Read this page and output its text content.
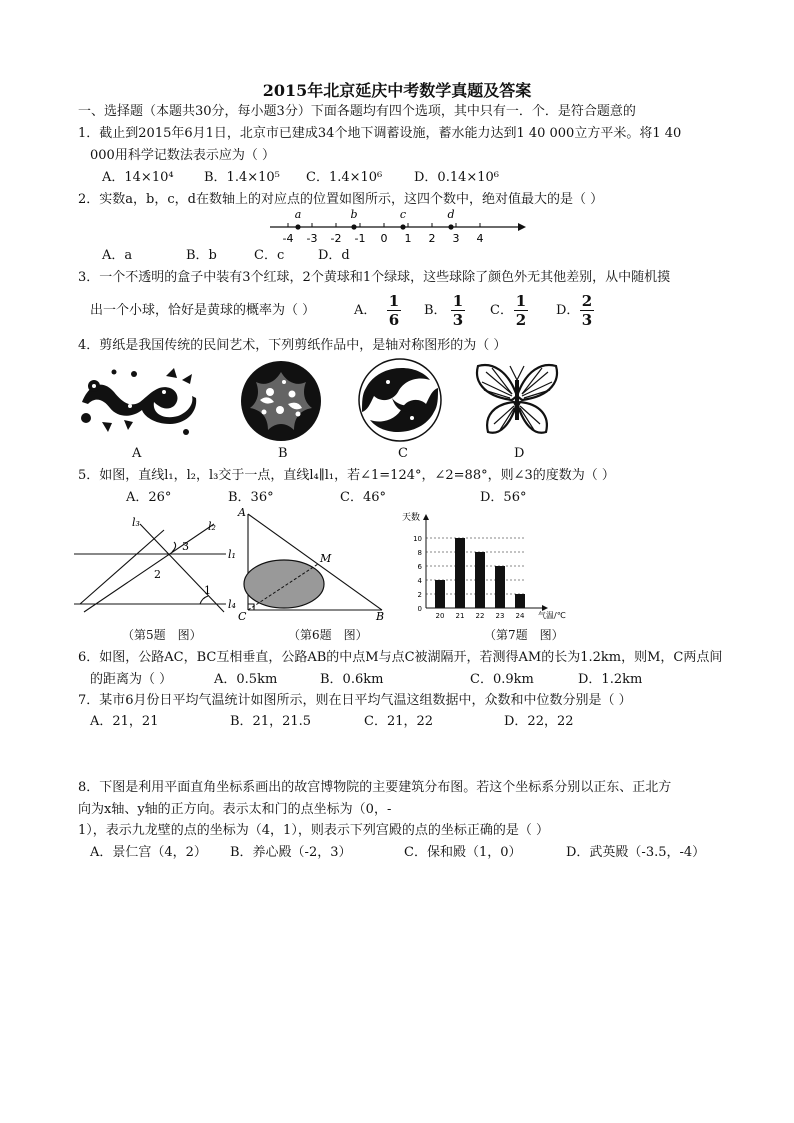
2015年北京延庆中考数学真题及答案
一、选择题（本题共30分，每小题3分）下面各题均有四个选项，其中只有一．个．是符合题意的
1．截止到2015年6月1日，北京市已建成34个地下调蓄设施，蓄水能力达到1 40 000立方平米。将1 40
000用科学记数法表示应为（ ）
A．14×10⁴ B．1.4×10⁵ C．1.4×10⁶ D．0.14×10⁶
2．实数a，b，c，d在数轴上的对应点的位置如图所示，这四个数中，绝对值最大的是（ ）
a	b	c	d
-4 -3 -2 -1 0 1 2 3 4
A．a	B．b	C．c	D．d
3．一个不透明的盒子中装有3个红球，2个黄球和1个绿球，这些球除了颜色外无其他差别，从中随机摸
出一个小球，恰好是黄球的概率为（ ）	A．
1
6
B．
1
3
C．
1
2
D．
2
3
4．剪纸是我国传统的民间艺术，下列剪纸作品中，是轴对称图形的为（ ）
A	B	C	D
5．如图，直线l₁，l₂，l₃交于一点，直线l₄∥l₁，若∠1=124°，∠2=88°，则∠3的度数为（ ）
A．26°	B．36°	C．46°	D．56°
l₃	l₂
l₁
l₄
1
2
3
（第5题　图）
A
C	B
M
（第6题　图）
天数
气温/℃
2
4
6
8
10
0
20 21 22 23 24
（第7题　图）
6．如图，公路AC，BC互相垂直，公路AB的中点M与点C被湖隔开，若测得AM的长为1.2km，则M，C两点间
的距离为（ ）	A．0.5km	B．0.6km	C．0.9km	D．1.2km
7．某市6月份日平均气温统计如图所示，则在日平均气温这组数据中，众数和中位数分别是（ ）
A．21，21	B．21，21.5	C．21，22	D．22，22
8．下图是利用平面直角坐标系画出的故宫博物院的主要建筑分布图。若这个坐标系分别以正东、正北方
向为x轴、y轴的正方向。表示太和门的点坐标为（0，-
1），表示九龙壁的点的坐标为（4，1），则表示下列宫殿的点的坐标正确的是（ ）
A．景仁宫（4，2） B．养心殿（-2，3）	C．保和殿（1，0）	D．武英殿（-3.5，-4）
